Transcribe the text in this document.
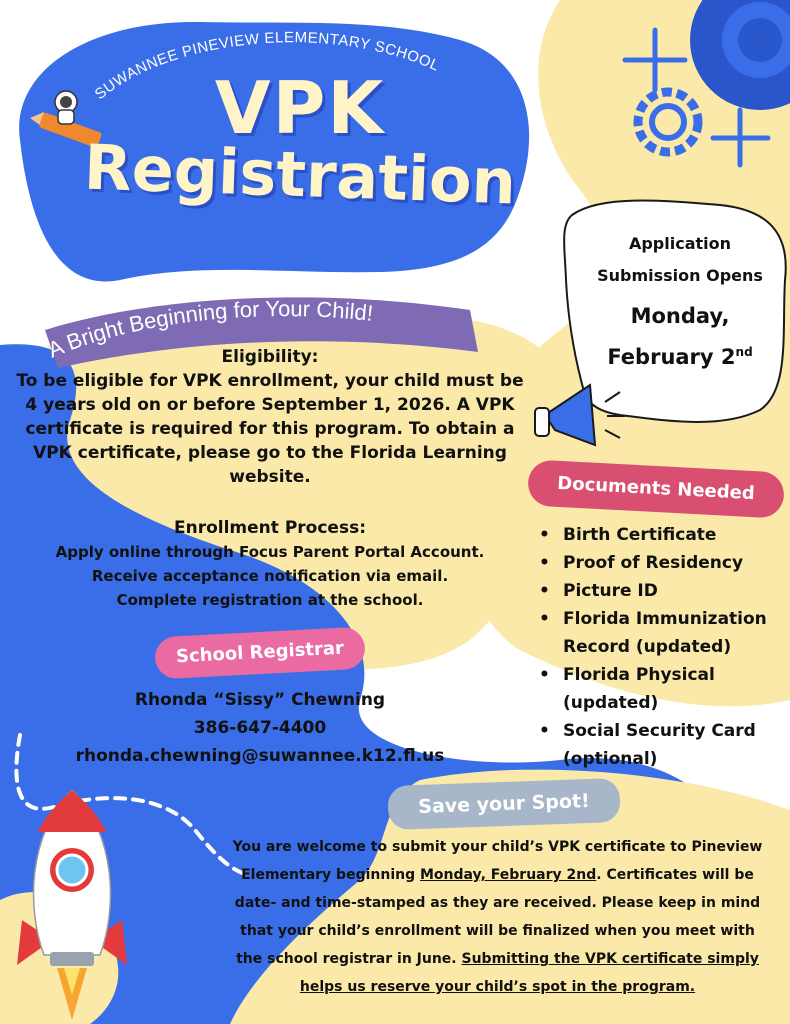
SUWANNEE PINEVIEW ELEMENTARY SCHOOL
VPK
Registration
A Bright Beginning for Your Child!
Eligibility:
To be eligible for VPK enrollment, your child must be
4 years old on or before September 1, 2026. A VPK
certificate is required for this program. To obtain a
VPK certificate, please go to the Florida Learning
website.
Enrollment Process:
Apply online through Focus Parent Portal Account.
Receive acceptance notification via email.
Complete registration at the school.
School Registrar
Rhonda “Sissy” Chewning
386-647-4400
rhonda.chewning@suwannee.k12.fl.us
Application
Submission Opens
Monday,
February 2nd
Documents Needed
• Birth Certificate
• Proof of Residency
• Picture ID
• Florida Immunization Record (updated)
• Florida Physical (updated)
• Social Security Card (optional)
Save your Spot!
You are welcome to submit your child’s VPK certificate to Pineview Elementary beginning Monday, February 2nd. Certificates will be date- and time-stamped as they are received. Please keep in mind that your child’s enrollment will be finalized when you meet with the school registrar in June. Submitting the VPK certificate simply helps us reserve your child’s spot in the program.
